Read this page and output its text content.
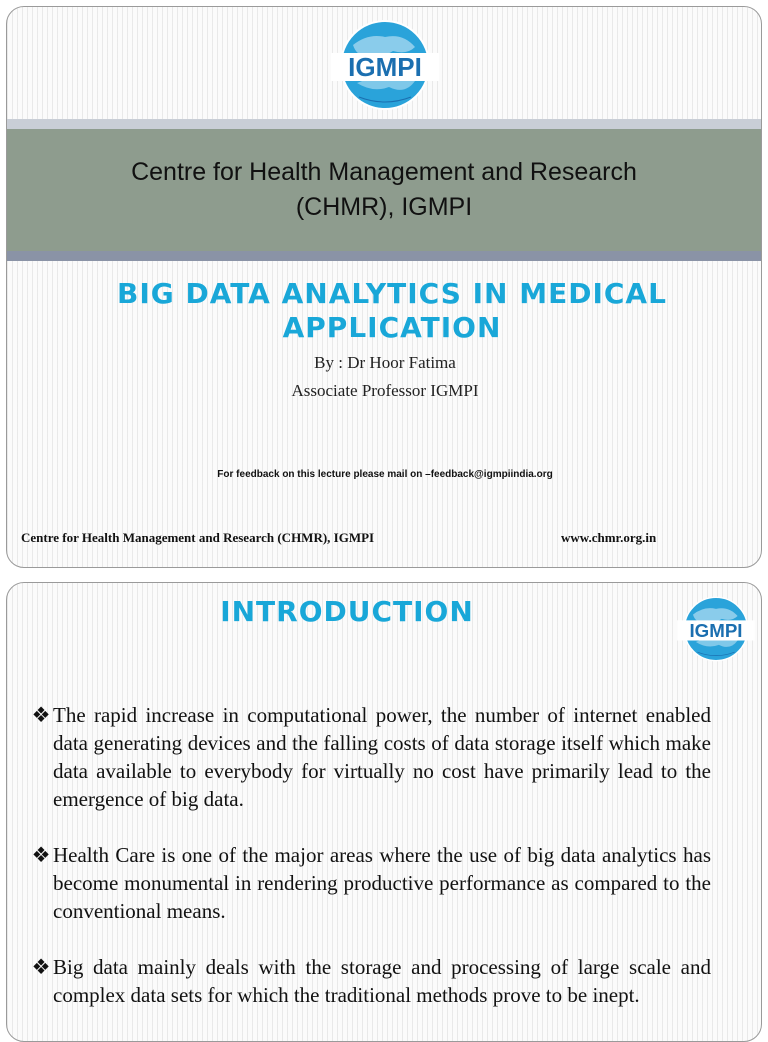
IGMPI
Centre for Health Management and Research
(CHMR), IGMPI
BIG DATA ANALYTICS IN MEDICAL
APPLICATION
By : Dr Hoor Fatima
Associate Professor IGMPI
For feedback on this lecture please mail on –feedback@igmpiindia.org
Centre for Health Management and Research (CHMR), IGMPI	www.chmr.org.in
INTRODUCTION
IGMPI
❖ The rapid increase in computational power, the number of internet enabled data generating devices and the falling costs of data storage itself which make data available to everybody for virtually no cost have primarily lead to the emergence of big data.
❖ Health Care is one of the major areas where the use of big data analytics has become monumental in rendering productive performance as compared to the conventional means.
❖ Big data mainly deals with the storage and processing of large scale and complex data sets for which the traditional methods prove to be inept.
